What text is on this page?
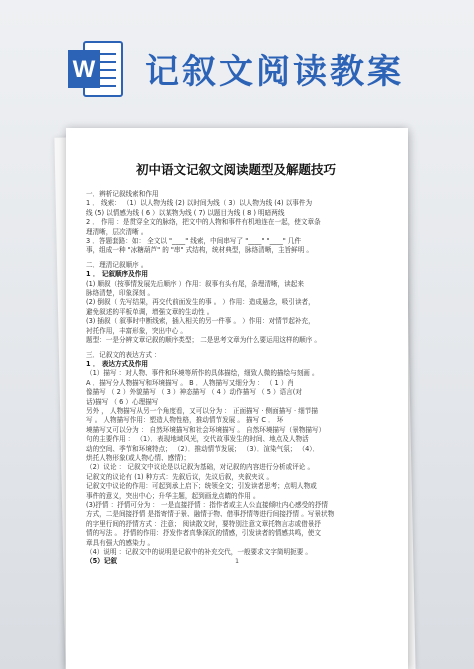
W 记叙文阅读教案
初中语文记叙文阅读题型及解题技巧
一．辨析记叙线索和作用
1 ． 线索： （1）以人物为线 (2) 以时间为线（ 3）以人物为线 (4) 以事件为
线 (5) 以情感为线 ( 6 ）以某物为线 ( 7) 以题目为线 ( 8 ) 明暗两线
2 ． 作用 ：是贯穿全文的脉络，把文中的人物和事件有机地连在一起，使文章条
理清晰，层次清晰 。
3 ．答题套路：如： 全文以 "____" 线索，中间串写了 "____" "____" 几件
事，组成一种 "冰糖葫芦" 的 "串" 式结构，统材典型，脉络清晰，主旨鲜明 。
二．理清记叙顺序 。
1 ． 记叙顺序及作用
(1) 顺叙（按事情发展先后顺序 ）作用：叙事有头有尾，条理清晰，读起来
脉络清楚，印象深刻 。
(2) 倒叙（ 先写结果，再交代前面发生的事 。 ）作用：造成悬念，吸引读者，
避免叙述的平板单调，增强文章的生动性 。
(3) 插叙（ 叙事时中断线索，插入相关的另一件事 。 ）作用：对情节起补充，
衬托作用，丰富形象，突出中心 。
题型：一是分辨文章记叙的顺序类型； 二是思考文章为什么要运用这样的顺序 。
三．记叙文的表达方式 ：
1 ． 表达方式及作用
（1）描写 ：对人物、事件和环境等所作的具体描绘，细致人微的描绘与刻画 。
A ．描写分人物描写和环境描写 。 B ．人物描写又细分为 ： （ 1 ）肖
像描写 （ 2 ）外貌描写 （ 3 ）神态描写 （ 4 ）动作描写 （ 5 ）语言(对
话)描写 （ 6 ）心理描写
另外 ， 人物描写从另一个角度看，又可以分为 ： 正面描写 · 侧面描写 · 细节描
写 。 人物描写作用：塑造人物性格，推动情节发展 。 描写 C ． 环
境描写又可以分为 ： 自然环境描写和社会环境描写 。 自然环境描写（景物描写）
句的主要作用 ： （1）．表现地域风光，交代故事发生的时间、地点及人物活
动的空间、季节和环境特点； （2）．推动情节发展； （3）．渲染气氛； （4）．
烘托人物形象(或人物心情、感情)；
（2）议论 ： 记叙文中议论是以记叙为基础，对记叙的内容进行分析或评论 。
记叙文的议论有 (1) 种方式：先叙后议，先议后叙，夹叙夹议 。
记叙文中议论的作用：可起到承上启下；统领全文；引发读者思考；点明人物或
事件的意义，突出中心；升华主题，起到画龙点睛的作用 。
(3)抒情 ：抒情可分为 ： 一是直接抒情 ：指作者或主人公直接倾吐内心感受的抒情
方式，二是间接抒情 是指寄情于景、融情于物、借事抒情等进行间接抒情 。写景状物
的字里行间的抒情方式 ：注意； 阅读散文时，要特别注意文章托物言志或借景抒
情的写法 。 抒情的作用：抒发作者真挚深沉的情感，引发读者的情感共鸣，使文
章具有强大的感染力 。
（4）说明 ：记叙文中的说明是记叙中的补充交代，一般要求文字简明扼要 。
（5）记叙	1
